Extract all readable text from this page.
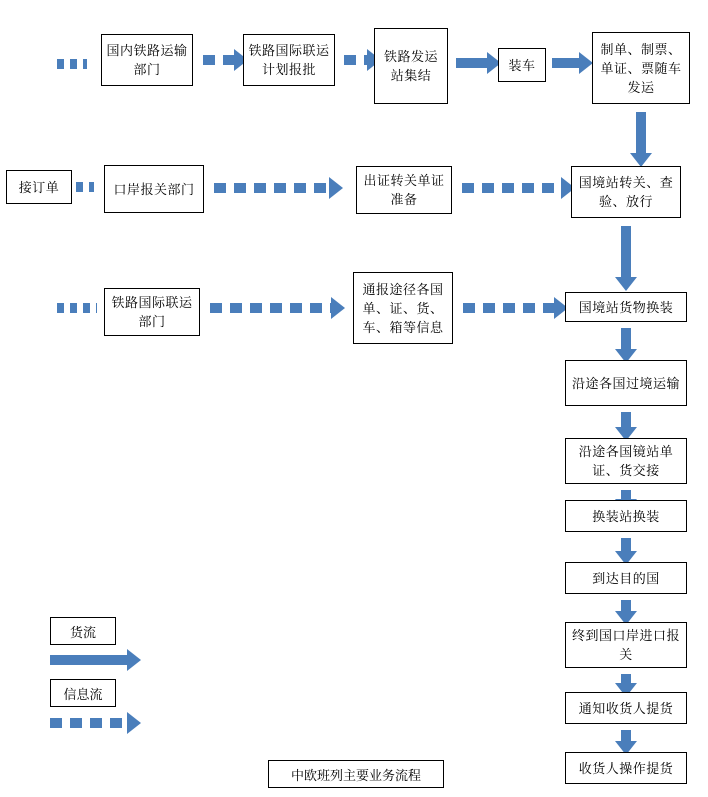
国内铁路运输部门
铁路国际联运计划报批
铁路发运站集结
装车
制单、制票、单证、票随车发运
接订单	口岸报关部门
出证转关单证准备
国境站转关、查验、放行
铁路国际联运部门
通报途径各国单、证、货、车、箱等信息
国境站货物换装
沿途各国过境运输
沿途各国镜站单证、货交接
换装站换装
到达目的国
终到国口岸进口报关
通知收货人提货
收货人操作提货
货流
信息流
中欧班列主要业务流程
